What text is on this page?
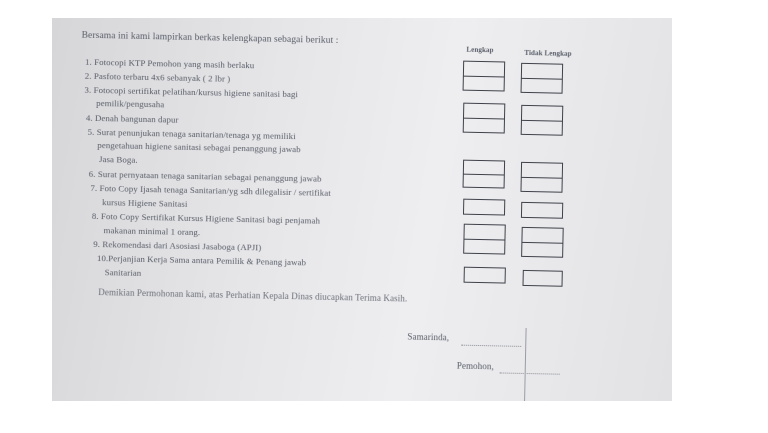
Bersama ini kami lampirkan berkas kelengkapan sebagai berikut :
Lengkap	Tidak Lengkap
1. Fotocopi KTP Pemohon yang masih berlaku
2. Pasfoto terbaru 4x6 sebanyak ( 2 lbr )
3. Fotocopi sertifikat pelatihan/kursus higiene sanitasi bagi
pemilik/pengusaha
4. Denah bangunan dapur
5. Surat penunjukan tenaga sanitarian/tenaga yg memiliki
pengetahuan higiene sanitasi sebagai penanggung jawab
Jasa Boga.
6. Surat pernyataan tenaga sanitarian sebagai penanggung jawab
7. Foto Copy Ijasah tenaga Sanitarian/yg sdh dilegalisir / sertifikat
kursus Higiene Sanitasi
8. Foto Copy Sertifikat Kursus Higiene Sanitasi bagi penjamah
makanan minimal 1 orang.
9. Rekomendasi dari Asosiasi Jasaboga (APJI)
10.Perjanjian Kerja Sama antara Pemilik & Penang jawab
Sanitarian
Demikian Permohonan kami, atas Perhatian Kepala Dinas diucapkan Terima Kasih.
Samarinda,
Pemohon,
